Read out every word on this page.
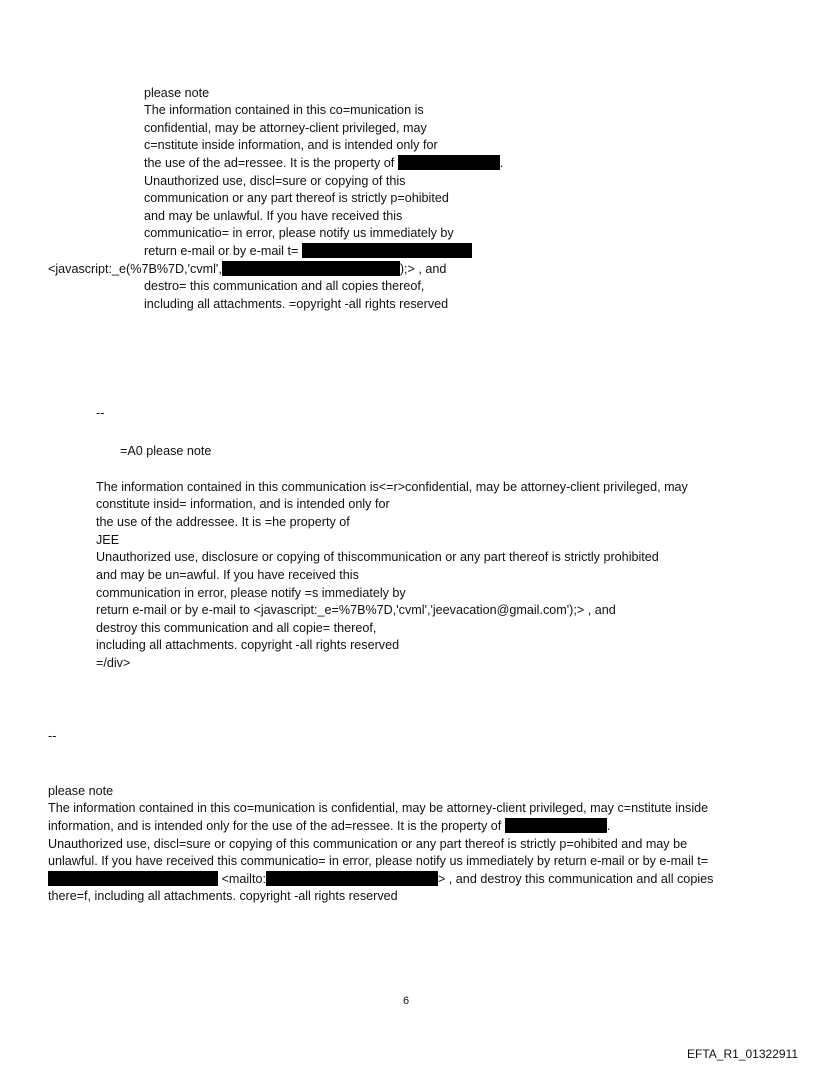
please note
The information contained in this co=munication is
confidential, may be attorney-client privileged, may
c=nstitute inside information, and is intended only for
the use of the ad=ressee. It is the property of	.
Unauthorized use, discl=sure or copying of this
communication or any part thereof is strictly p=ohibited
and may be unlawful. If you have received this
communicatio= in error, please notify us immediately by
return e-mail or by e-mail t=
<javascript:_e(%7B%7D,'cvml',	);> , and
destro= this communication and all copies thereof,
including all attachments. =opyright -all rights reserved
--
=A0 please note
The information contained in this communication is<=r>confidential, may be attorney-client privileged, may
constitute insid= information, and is intended only for
the use of the addressee. It is =he property of
JEE
Unauthorized use, disclosure or copying of thiscommunication or any part thereof is strictly prohibited
and may be un=awful. If you have received this
communication in error, please notify =s immediately by
return e-mail or by e-mail to <javascript:_e=%7B%7D,'cvml','jeevacation@gmail.com');> , and
destroy this communication and all copie= thereof,
including all attachments. copyright -all rights reserved
=/div>
--
please note
The information contained in this co=munication is confidential, may be attorney-client privileged, may c=nstitute inside
information, and is intended only for the use of the ad=ressee. It is the property of	.
Unauthorized use, discl=sure or copying of this communication or any part thereof is strictly p=ohibited and may be
unlawful. If you have received this communicatio= in error, please notify us immediately by return e-mail or by e-mail t=
<mailto:	> , and destroy this communication and all copies
there=f, including all attachments. copyright -all rights reserved
6
EFTA_R1_01322911
